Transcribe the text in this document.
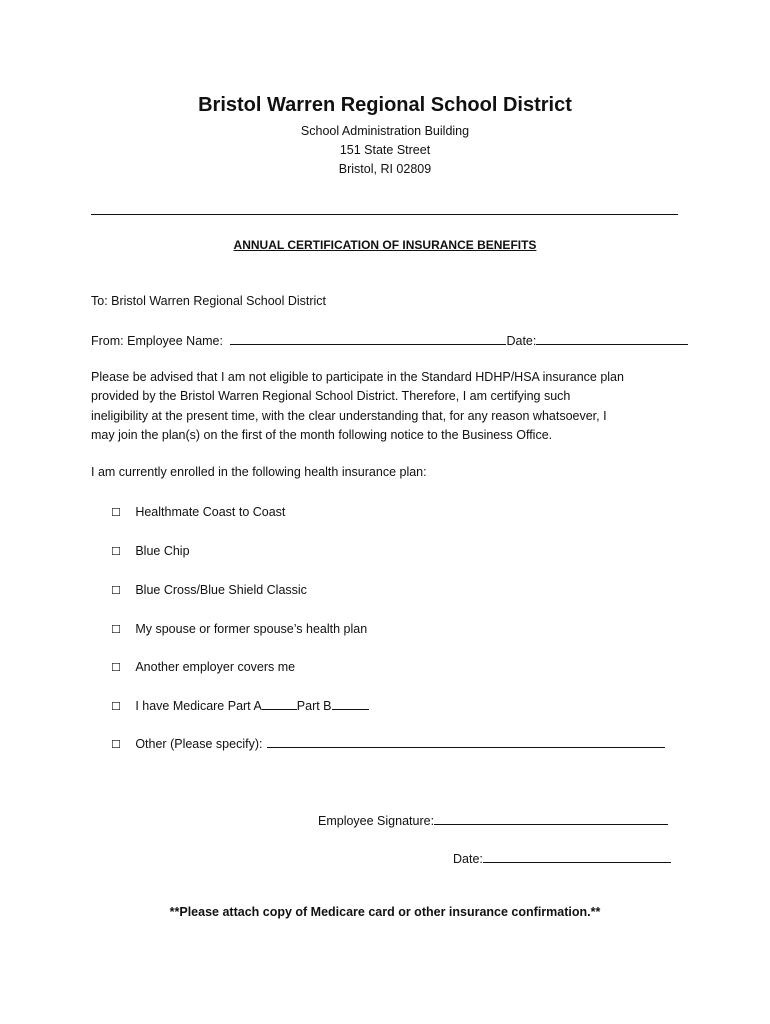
Bristol Warren Regional School District
School Administration Building
151 State Street
Bristol, RI 02809
ANNUAL CERTIFICATION OF INSURANCE BENEFITS
To: Bristol Warren Regional School District
From: Employee Name:	Date:
Please be advised that I am not eligible to participate in the Standard HDHP/HSA insurance plan
provided by the Bristol Warren Regional School District. Therefore, I am certifying such
ineligibility at the present time, with the clear understanding that, for any reason whatsoever, I
may join the plan(s) on the first of the month following notice to the Business Office.
I am currently enrolled in the following health insurance plan:
☐ Healthmate Coast to Coast
☐ Blue Chip
☐ Blue Cross/Blue Shield Classic
☐ My spouse or former spouse’s health plan
☐ Another employer covers me
☐ I have Medicare Part A	Part B
☐ Other (Please specify):
Employee Signature:
Date:
**Please attach copy of Medicare card or other insurance confirmation.**
